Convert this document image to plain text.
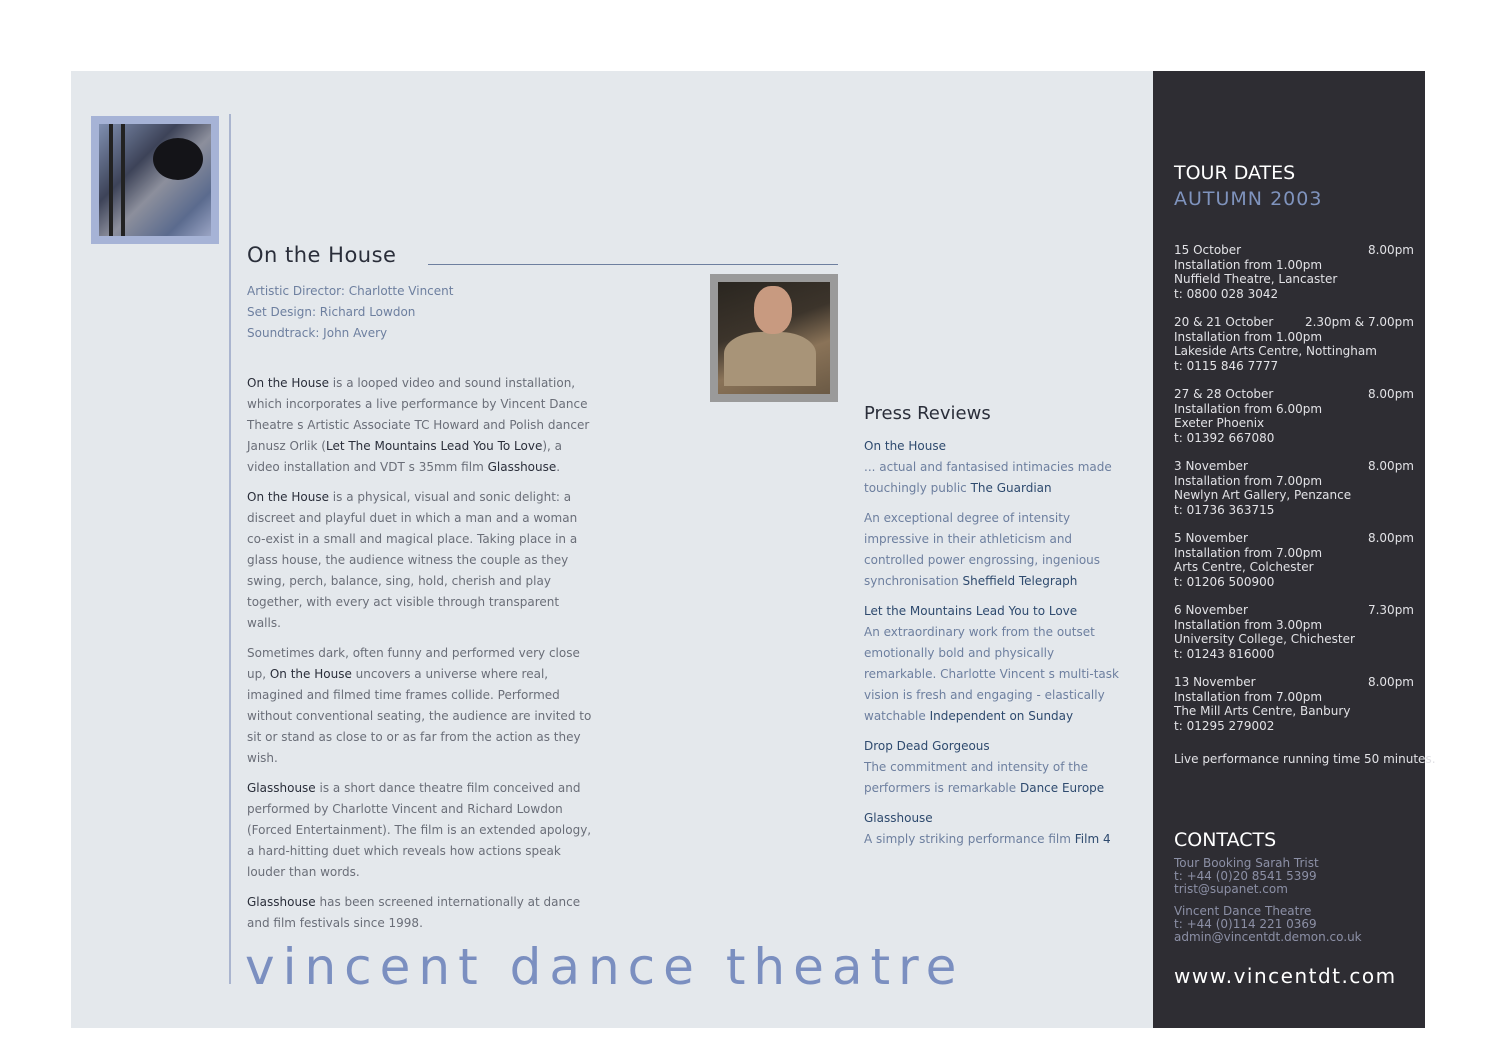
On the House
Artistic Director: Charlotte Vincent
Set Design: Richard Lowdon
Soundtrack: John Avery

On the House is a looped video and sound installation, which incorporates a live performance by Vincent Dance Theatre s Artistic Associate TC Howard and Polish dancer Janusz Orlik (Let The Mountains Lead You To Love), a video installation and VDT s 35mm film Glasshouse.

On the House is a physical, visual and sonic delight: a discreet and playful duet in which a man and a woman co-exist in a small and magical place. Taking place in a glass house, the audience witness the couple as they swing, perch, balance, sing, hold, cherish and play together, with every act visible through transparent walls.

Sometimes dark, often funny and performed very close up, On the House uncovers a universe where real, imagined and filmed time frames collide. Performed without conventional seating, the audience are invited to sit or stand as close to or as far from the action as they wish.

Glasshouse is a short dance theatre film conceived and performed by Charlotte Vincent and Richard Lowdon (Forced Entertainment). The film is an extended apology, a hard-hitting duet which reveals how actions speak louder than words.

Glasshouse has been screened internationally at dance and film festivals since 1998.

Press Reviews

On the House
... actual and fantasised intimacies made touchingly public The Guardian

An exceptional degree of intensity impressive in their athleticism and controlled power engrossing, ingenious synchronisation Sheffield Telegraph

Let the Mountains Lead You to Love
An extraordinary work from the outset emotionally bold and physically remarkable. Charlotte Vincent s multi-task vision is fresh and engaging - elastically watchable Independent on Sunday

Drop Dead Gorgeous
The commitment and intensity of the performers is remarkable Dance Europe

Glasshouse
A simply striking performance film Film 4

vincent dance theatre
TOUR DATES
AUTUMN 2003
15 October	8.00pm
Installation from 1.00pm
Nuffield Theatre, Lancaster
t: 0800 028 3042
20 & 21 October	2.30pm & 7.00pm
Installation from 1.00pm
Lakeside Arts Centre, Nottingham
t: 0115 846 7777
27 & 28 October	8.00pm
Installation from 6.00pm
Exeter Phoenix
t: 01392 667080
3 November	8.00pm
Installation from 7.00pm
Newlyn Art Gallery, Penzance
t: 01736 363715
5 November	8.00pm
Installation from 7.00pm
Arts Centre, Colchester
t: 01206 500900
6 November	7.30pm
Installation from 3.00pm
University College, Chichester
t: 01243 816000
13 November	8.00pm
Installation from 7.00pm
The Mill Arts Centre, Banbury
t: 01295 279002
Live performance running time 50 minutes.
CONTACTS
Tour Booking Sarah Trist
t: +44 (0)20 8541 5399
trist@supanet.com
Vincent Dance Theatre
t: +44 (0)114 221 0369
admin@vincentdt.demon.co.uk
www.vincentdt.com
